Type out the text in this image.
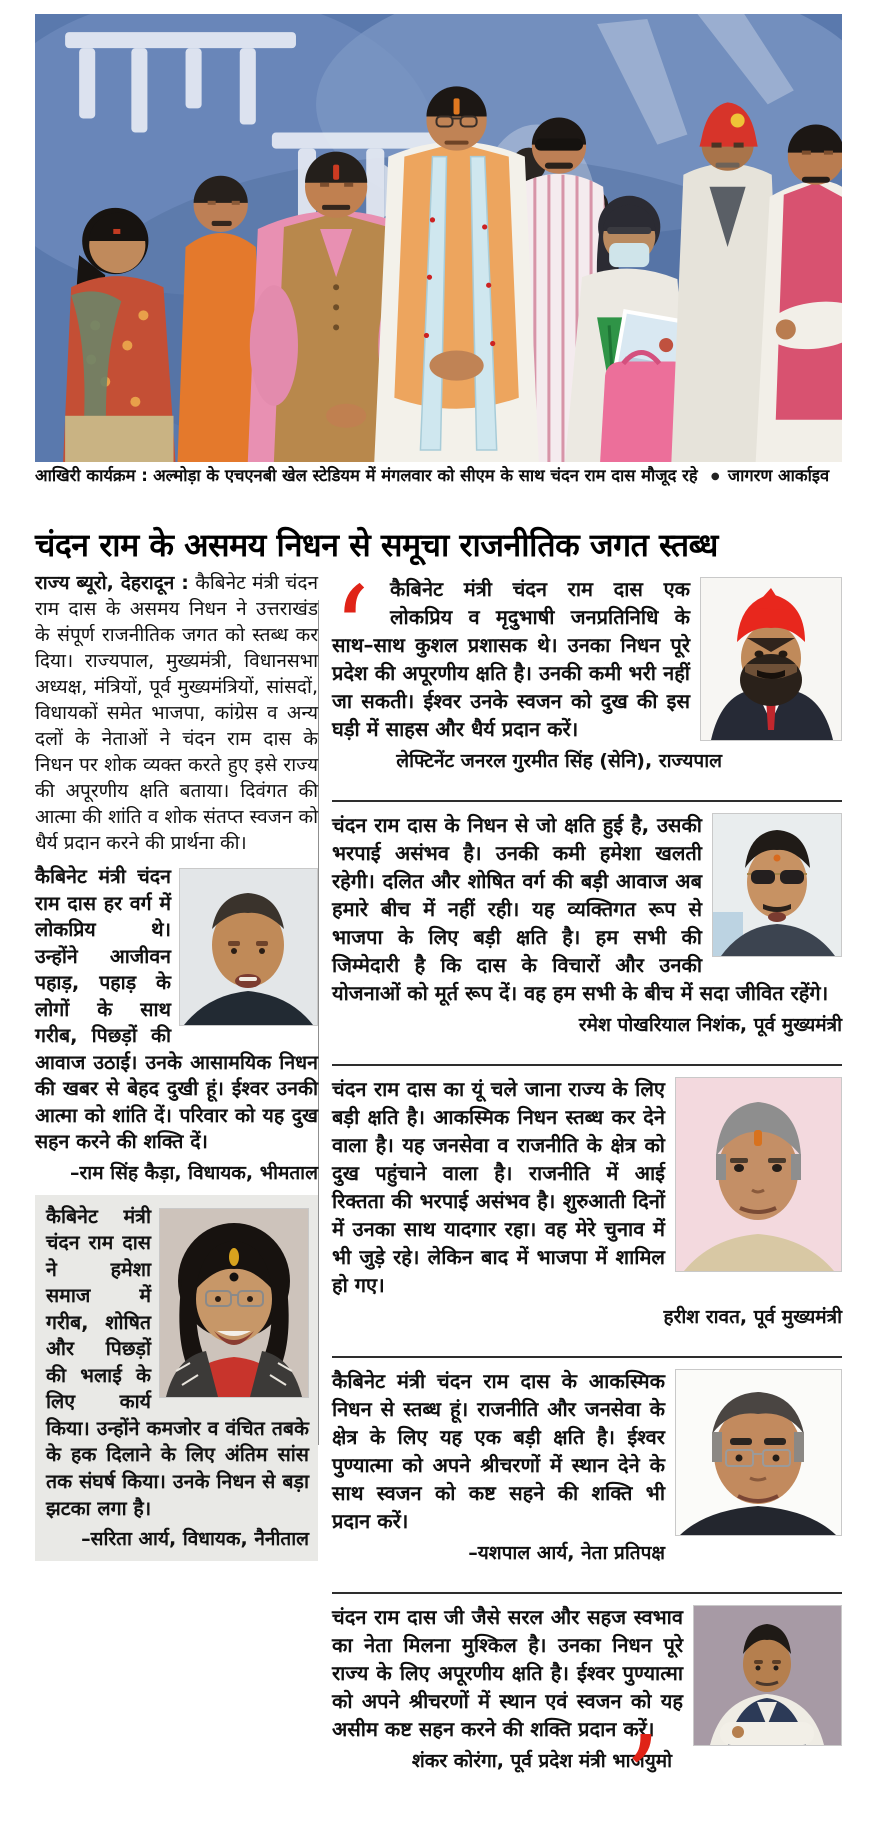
आखिरी कार्यक्रम : अल्मोड़ा के एचएनबी खेल स्टेडियम में मंगलवार को सीएम के साथ चंदन राम दास मौजूद रहे ● जागरण आर्काइव
चंदन राम के असमय निधन से समूचा राजनीतिक जगत स्तब्ध

राज्य ब्यूरो, देहरादून : कैबिनेट मंत्री चंदन राम दास के असमय निधन ने उत्तराखंड के संपूर्ण राजनीतिक जगत को स्तब्ध कर दिया। राज्यपाल, मुख्यमंत्री, विधानसभा अध्यक्ष, मंत्रियों, पूर्व मुख्यमंत्रियों, सांसदों, विधायकों समेत भाजपा, कांग्रेस व अन्य दलों के नेताओं ने चंदन राम दास के निधन पर शोक व्यक्त करते हुए इसे राज्य की अपूरणीय क्षति बताया। दिवंगत की आत्मा की शांति व शोक संतप्त स्वजन को धैर्य प्रदान करने की प्रार्थना की।

कैबिनेट मंत्री चंदन राम दास हर वर्ग में लोकप्रिय थे। उन्होंने आजीवन पहाड़, पहाड़ के लोगों के साथ गरीब, पिछड़ों की आवाज उठाई। उनके आसामयिक निधन की खबर से बेहद दुखी हूं। ईश्वर उनकी आत्मा को शांति दें। परिवार को यह दुख सहन करने की शक्ति दें।

–राम सिंह कैड़ा, विधायक, भीमताल

कैबिनेट मंत्री चंदन राम दास ने हमेशा समाज में गरीब, शोषित और पिछड़ों की भलाई के लिए कार्य किया। उन्होंने कमजोर व वंचित तबके के हक दिलाने के लिए अंतिम सांस तक संघर्ष किया। उनके निधन से बड़ा झटका लगा है।

–सरिता आर्य, विधायक, नैनीताल

‘

कैबिनेट मंत्री चंदन राम दास एक लोकप्रिय व मृदुभाषी जनप्रतिनिधि के साथ–साथ कुशल प्रशासक थे। उनका निधन पूरे प्रदेश की अपूरणीय क्षति है। उनकी कमी भरी नहीं जा सकती। ईश्वर उनके स्वजन को दुख की इस घड़ी में साहस और धैर्य प्रदान करें।

लेफ्टिनेंट जनरल गुरमीत सिंह (सेनि), राज्यपाल

चंदन राम दास के निधन से जो क्षति हुई है, उसकी भरपाई असंभव है। उनकी कमी हमेशा खलती रहेगी। दलित और शोषित वर्ग की बड़ी आवाज अब हमारे बीच में नहीं रही। यह व्यक्तिगत रूप से भाजपा के लिए बड़ी क्षति है। हम सभी की जिम्मेदारी है कि दास के विचारों और उनकी योजनाओं को मूर्त रूप दें। वह हम सभी के बीच में सदा जीवित रहेंगे।

रमेश पोखरियाल निशंक, पूर्व मुख्यमंत्री

चंदन राम दास का यूं चले जाना राज्य के लिए बड़ी क्षति है। आकस्मिक निधन स्तब्ध कर देने वाला है। यह जनसेवा व राजनीति के क्षेत्र को दुख पहुंचाने वाला है। राजनीति में आई रिक्तता की भरपाई असंभव है। शुरुआती दिनों में उनका साथ यादगार रहा। वह मेरे चुनाव में भी जुड़े रहे। लेकिन बाद में भाजपा में शामिल हो गए।

हरीश रावत, पूर्व मुख्यमंत्री

कैबिनेट मंत्री चंदन राम दास के आकस्मिक निधन से स्तब्ध हूं। राजनीति और जनसेवा के क्षेत्र के लिए यह एक बड़ी क्षति है। ईश्वर पुण्यात्मा को अपने श्रीचरणों में स्थान देने के साथ स्वजन को कष्ट सहने की शक्ति भी प्रदान करें।

–यशपाल आर्य, नेता प्रतिपक्ष

’

चंदन राम दास जी जैसे सरल और सहज स्वभाव का नेता मिलना मुश्किल है। उनका निधन पूरे राज्य के लिए अपूरणीय क्षति है। ईश्वर पुण्यात्मा को अपने श्रीचरणों में स्थान एवं स्वजन को यह असीम कष्ट सहन करने की शक्ति प्रदान करें।

शंकर कोरंगा, पूर्व प्रदेश मंत्री भाजयुमो
